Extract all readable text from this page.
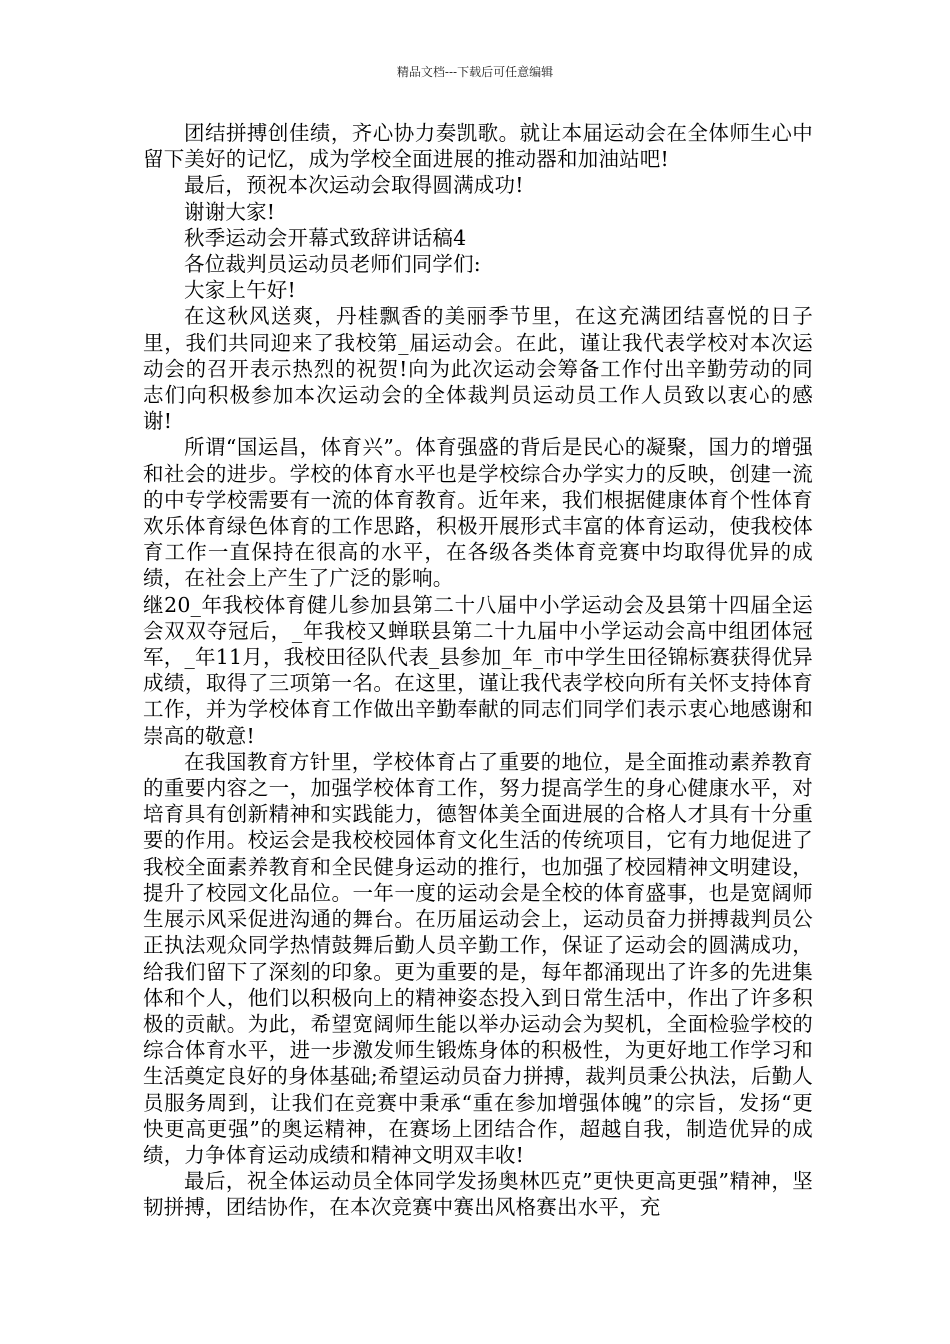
精品文档---下载后可任意编辑

团结拼搏创佳绩，齐心协力奏凯歌。就让本届运动会在全体师生心中留下美好的记忆，成为学校全面进展的推动器和加油站吧!

最后，预祝本次运动会取得圆满成功!

谢谢大家!

秋季运动会开幕式致辞讲话稿4

各位裁判员运动员老师们同学们:

大家上午好!

在这秋风送爽，丹桂飘香的美丽季节里，在这充满团结喜悦的日子里，我们共同迎来了我校第_届运动会。在此，谨让我代表学校对本次运动会的召开表示热烈的祝贺!向为此次运动会筹备工作付出辛勤劳动的同志们向积极参加本次运动会的全体裁判员运动员工作人员致以衷心的感谢!

所谓“国运昌，体育兴”。体育强盛的背后是民心的凝聚，国力的增强和社会的进步。学校的体育水平也是学校综合办学实力的反映，创建一流的中专学校需要有一流的体育教育。近年来，我们根据健康体育个性体育欢乐体育绿色体育的工作思路，积极开展形式丰富的体育运动，使我校体育工作一直保持在很高的水平，在各级各类体育竞赛中均取得优异的成绩，在社会上产生了广泛的影响。

继20_年我校体育健儿参加县第二十八届中小学运动会及县第十四届全运会双双夺冠后，_年我校又蝉联县第二十九届中小学运动会高中组团体冠军，_年11月，我校田径队代表_县参加_年_市中学生田径锦标赛获得优异成绩，取得了三项第一名。在这里，谨让我代表学校向所有关怀支持体育工作，并为学校体育工作做出辛勤奉献的同志们同学们表示衷心地感谢和崇高的敬意!

在我国教育方针里，学校体育占了重要的地位，是全面推动素养教育的重要内容之一，加强学校体育工作，努力提高学生的身心健康水平，对培育具有创新精神和实践能力，德智体美全面进展的合格人才具有十分重要的作用。校运会是我校校园体育文化生活的传统项目，它有力地促进了我校全面素养教育和全民健身运动的推行，也加强了校园精神文明建设，提升了校园文化品位。一年一度的运动会是全校的体育盛事，也是宽阔师生展示风采促进沟通的舞台。在历届运动会上，运动员奋力拼搏裁判员公正执法观众同学热情鼓舞后勤人员辛勤工作，保证了运动会的圆满成功，给我们留下了深刻的印象。更为重要的是，每年都涌现出了许多的先进集体和个人，他们以积极向上的精神姿态投入到日常生活中，作出了许多积极的贡献。为此，希望宽阔师生能以举办运动会为契机，全面检验学校的综合体育水平，进一步激发师生锻炼身体的积极性，为更好地工作学习和生活奠定良好的身体基础;希望运动员奋力拼搏，裁判员秉公执法，后勤人员服务周到，让我们在竞赛中秉承“重在参加增强体魄”的宗旨，发扬“更快更高更强”的奥运精神，在赛场上团结合作，超越自我，制造优异的成绩，力争体育运动成绩和精神文明双丰收!

最后，祝全体运动员全体同学发扬奥林匹克”更快更高更强”精神，坚韧拼搏，团结协作，在本次竞赛中赛出风格赛出水平，充
